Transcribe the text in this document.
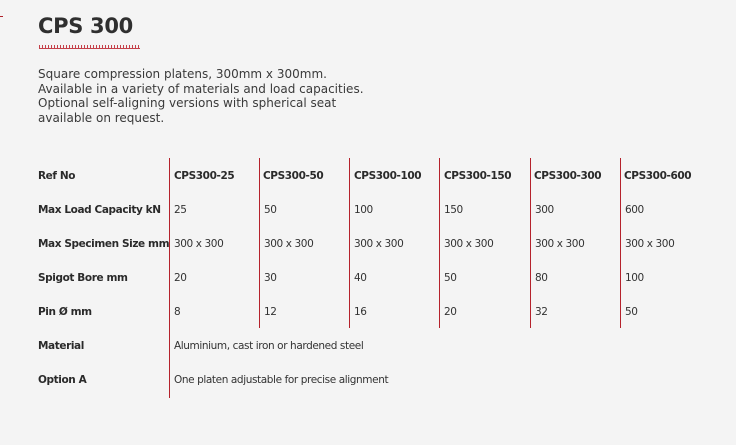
CPS 300
Square compression platens, 300mm x 300mm.
Available in a variety of materials and load capacities.
Optional self-aligning versions with spherical seat
available on request.
Ref No	CPS300-25	CPS300-50	CPS300-100 CPS300-150 CPS300-300 CPS300-600
Max Load Capacity kN 25	50	100	150	300	600
Max Specimen Size mm 300 x 300	300 x 300	300 x 300	300 x 300	300 x 300	300 x 300
Spigot Bore mm	20	30	40	50	80	100
Pin Ø mm	8	12	16	20	32	50
Material	Aluminium, cast iron or hardened steel
Option A	One platen adjustable for precise alignment
